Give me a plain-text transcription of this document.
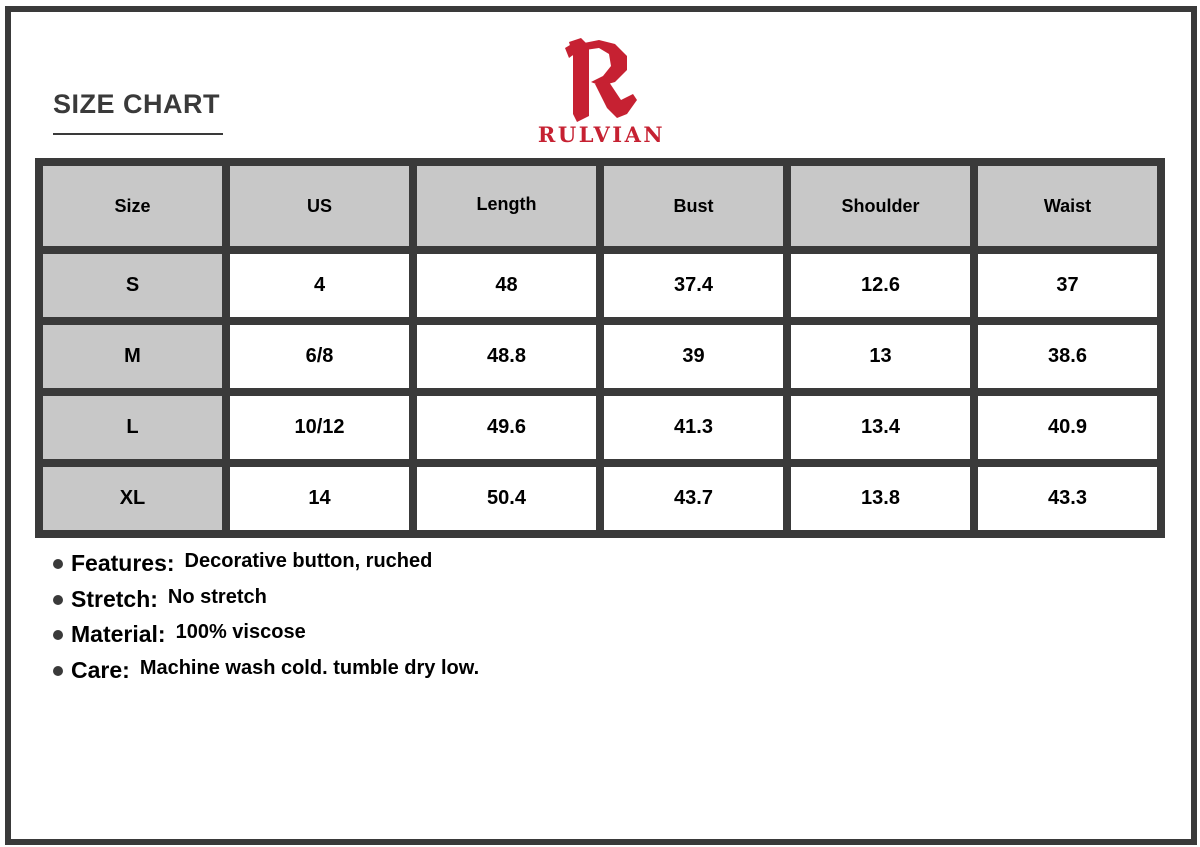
SIZE CHART
RULVIAN
Size	US	Length	Bust	Shoulder	Waist
S	4	48	37.4	12.6	37
M	6/8	48.8	39	13	38.6
L	10/12	49.6	41.3	13.4	40.9
XL	14	50.4	43.7	13.8	43.3
Features: Decorative button, ruched
Stretch: No stretch
Material: 100% viscose
Care: Machine wash cold. tumble dry low.
